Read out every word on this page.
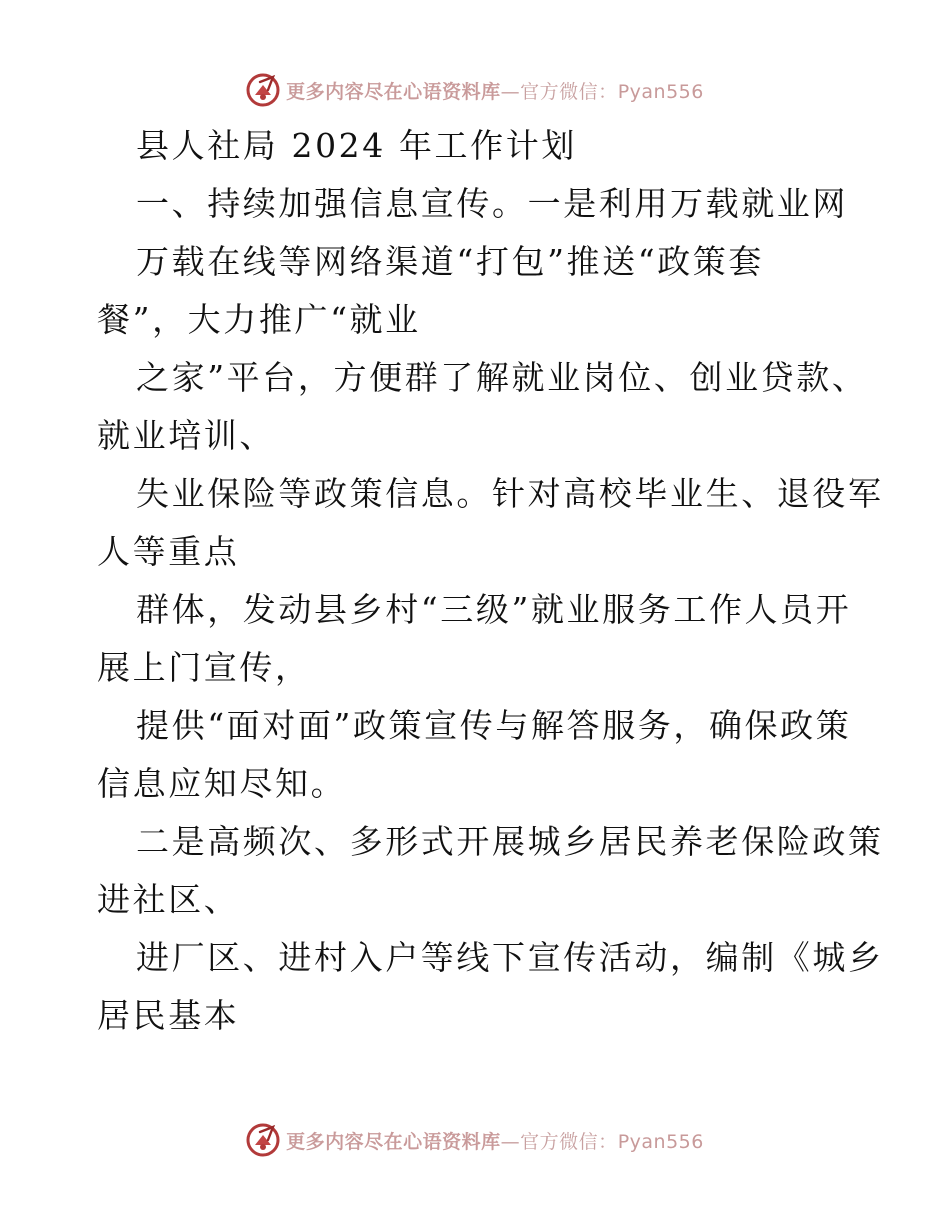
更多内容尽在心语资料库—官方微信：Pyan556
县人社局 2024 年工作计划
一、持续加强信息宣传。一是利用万载就业网
万载在线等网络渠道“打包”推送“政策套
餐”，大力推广“就业
之家”平台，方便群了解就业岗位、创业贷款、
就业培训、
失业保险等政策信息。针对高校毕业生、退役军
人等重点
群体，发动县乡村“三级”就业服务工作人员开
展上门宣传，
提供“面对面”政策宣传与解答服务，确保政策
信息应知尽知。
二是高频次、多形式开展城乡居民养老保险政策
进社区、
进厂区、进村入户等线下宣传活动，编制《城乡
居民基本
更多内容尽在心语资料库—官方微信：Pyan556
